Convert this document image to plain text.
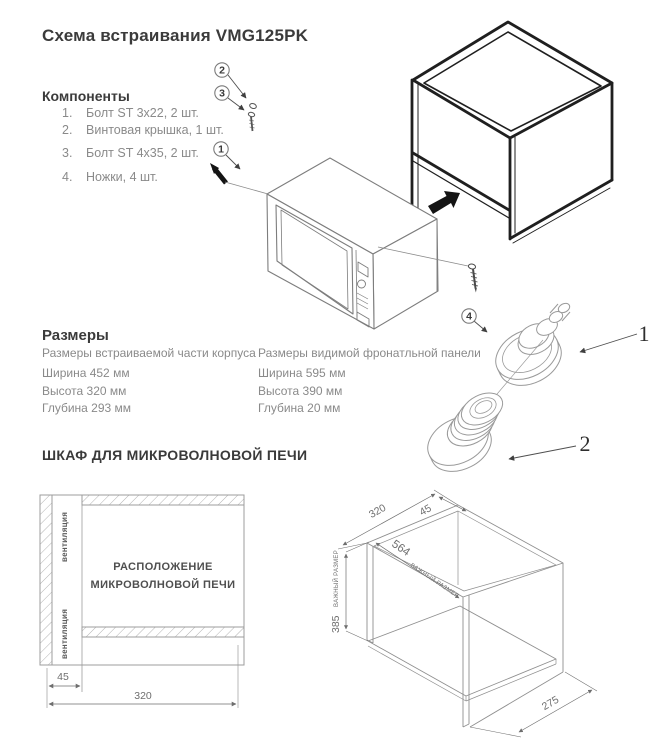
Схема встраивания VMG125PK
Компоненты
1. Болт ST 3x22, 2 шт.
2. Винтовая крышка, 1 шт.
3. Болт ST 4x35, 2 шт.
4. Ножки, 4 шт.
Размеры
Размеры встраиваемой части корпуса
Ширина 452 мм
Высота 320 мм
Глубина 293 мм
Размеры видимой фронатльной панели
Ширина 595 мм
Высота 390 мм
Глубина 20 мм
ШКАФ ДЛЯ МИКРОВОЛНОВОЙ ПЕЧИ
2
3
1
4
1
2
45
320
РАСПОЛОЖЕНИЕ
МИКРОВОЛНОВОЙ ПЕЧИ
вентиляция
вентиляция
320	45
564
ВАЖНЫЙ РАЗМЕР
385
ВАЖНЫЙ РАЗМЕР
275
